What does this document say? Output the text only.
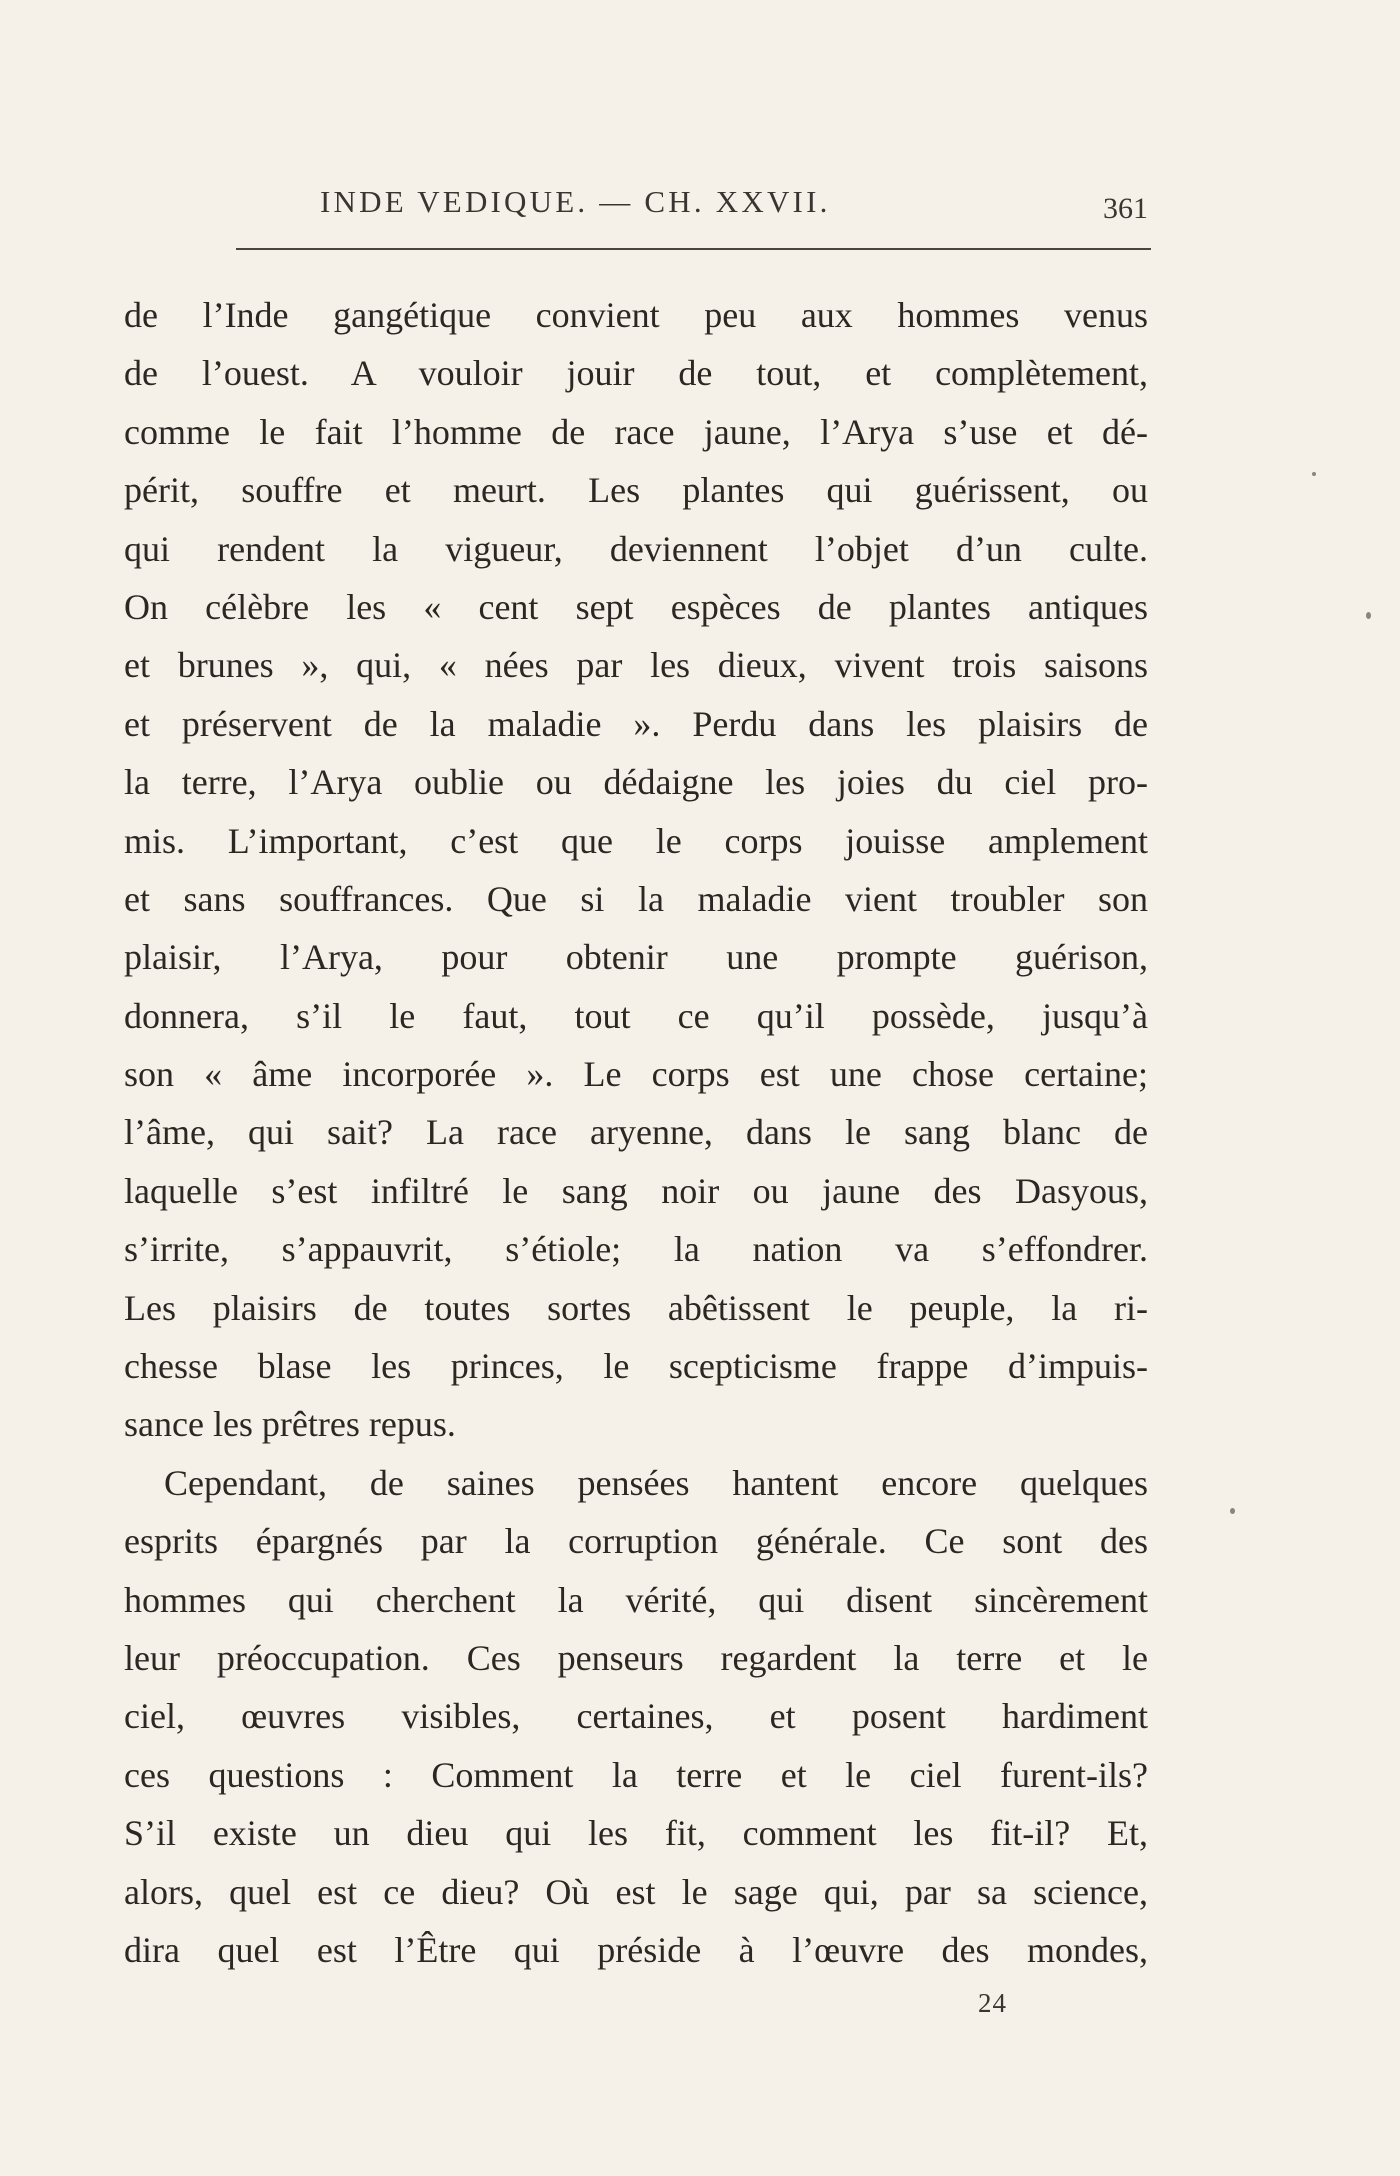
INDE VEDIQUE. — CH. XXVII.	361
de l’Inde gangétique convient peu aux hommes venus
de l’ouest. A vouloir jouir de tout, et complètement,
comme le fait l’homme de race jaune, l’Arya s’use et dé-
périt, souffre et meurt. Les plantes qui guérissent, ou
qui rendent la vigueur, deviennent l’objet d’un culte.
On célèbre les « cent sept espèces de plantes antiques
et brunes », qui, « nées par les dieux, vivent trois saisons
et préservent de la maladie ». Perdu dans les plaisirs de
la terre, l’Arya oublie ou dédaigne les joies du ciel pro-
mis. L’important, c’est que le corps jouisse amplement
et sans souffrances. Que si la maladie vient troubler son
plaisir, l’Arya, pour obtenir une prompte guérison,
donnera, s’il le faut, tout ce qu’il possède, jusqu’à
son « âme incorporée ». Le corps est une chose certaine;
l’âme, qui sait? La race aryenne, dans le sang blanc de
laquelle s’est infiltré le sang noir ou jaune des Dasyous,
s’irrite, s’appauvrit, s’étiole; la nation va s’effondrer.
Les plaisirs de toutes sortes abêtissent le peuple, la ri-
chesse blase les princes, le scepticisme frappe d’impuis-
sance les prêtres repus.
Cependant, de saines pensées hantent encore quelques
esprits épargnés par la corruption générale. Ce sont des
hommes qui cherchent la vérité, qui disent sincèrement
leur préoccupation. Ces penseurs regardent la terre et le
ciel, œuvres visibles, certaines, et posent hardiment
ces questions : Comment la terre et le ciel furent-ils?
S’il existe un dieu qui les fit, comment les fit-il? Et,
alors, quel est ce dieu? Où est le sage qui, par sa science,
dira quel est l’Être qui préside à l’œuvre des mondes,
24
